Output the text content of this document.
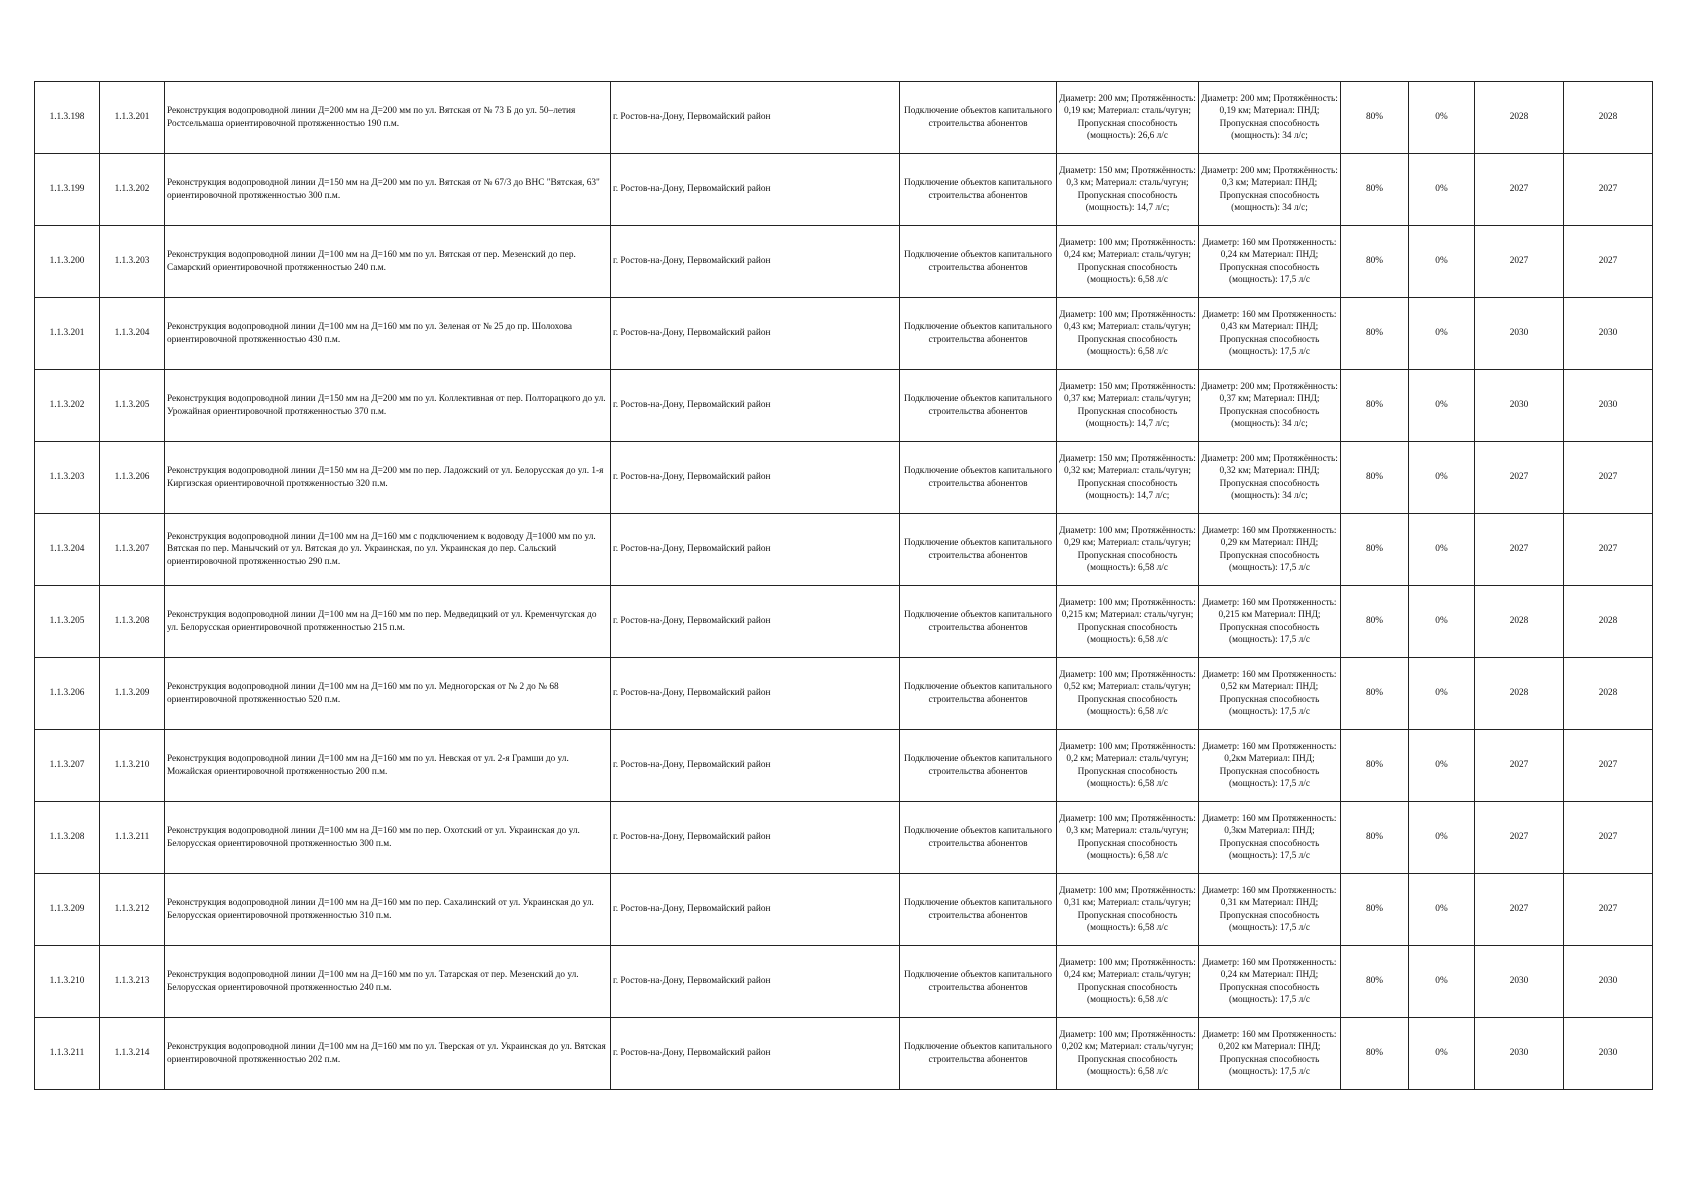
1.1.3.198	1.1.3.201	Реконструкция водопроводной линии Д=200 мм на Д=200 мм по ул. Вятская от № 73 Б до ул. 50–летия Ростсельмаша ориентировочной протяженностью 190 п.м.	г. Ростов-на-Дону, Первомайский район	Подключение объектов капитального строительства абонентов	Диаметр: 200 мм; Протяжённость: 0,19 км; Материал: сталь/чугун; Пропускная способность (мощность): 26,6 л/с	Диаметр: 200 мм; Протяжённость: 0,19 км; Материал: ПНД; Пропускная способность (мощность): 34 л/с;	80%	0%	2028	2028
1.1.3.199	1.1.3.202	Реконструкция водопроводной линии Д=150 мм на Д=200 мм по ул. Вятская от № 67/3 до ВНС "Вятская, 63" ориентировочной протяженностью 300 п.м.	г. Ростов-на-Дону, Первомайский район	Подключение объектов капитального строительства абонентов	Диаметр: 150 мм; Протяжённость: 0,3 км; Материал: сталь/чугун; Пропускная способность (мощность): 14,7 л/с;	Диаметр: 200 мм; Протяжённость: 0,3 км; Материал: ПНД; Пропускная способность (мощность): 34 л/с;	80%	0%	2027	2027
1.1.3.200	1.1.3.203	Реконструкция водопроводной линии Д=100 мм на Д=160 мм по ул. Вятская от пер. Мезенский до пер. Самарский ориентировочной протяженностью 240 п.м.	г. Ростов-на-Дону, Первомайский район	Подключение объектов капитального строительства абонентов	Диаметр: 100 мм; Протяжённость: 0,24 км; Материал: сталь/чугун; Пропускная способность (мощность): 6,58 л/с	Диаметр: 160 мм Протяженность: 0,24 км Материал: ПНД; Пропускная способность (мощность): 17,5 л/с	80%	0%	2027	2027
1.1.3.201	1.1.3.204	Реконструкция водопроводной линии Д=100 мм на Д=160 мм по ул. Зеленая от № 25 до пр. Шолохова ориентировочной протяженностью 430 п.м.	г. Ростов-на-Дону, Первомайский район	Подключение объектов капитального строительства абонентов	Диаметр: 100 мм; Протяжённость: 0,43 км; Материал: сталь/чугун; Пропускная способность (мощность): 6,58 л/с	Диаметр: 160 мм Протяженность: 0,43 км Материал: ПНД; Пропускная способность (мощность): 17,5 л/с	80%	0%	2030	2030
1.1.3.202	1.1.3.205	Реконструкция водопроводной линии Д=150 мм на Д=200 мм по ул. Коллективная от пер. Полторацкого до ул. Урожайная ориентировочной протяженностью 370 п.м.	г. Ростов-на-Дону, Первомайский район	Подключение объектов капитального строительства абонентов	Диаметр: 150 мм; Протяжённость: 0,37 км; Материал: сталь/чугун; Пропускная способность (мощность): 14,7 л/с;	Диаметр: 200 мм; Протяжённость: 0,37 км; Материал: ПНД; Пропускная способность (мощность): 34 л/с;	80%	0%	2030	2030
1.1.3.203	1.1.3.206	Реконструкция водопроводной линии Д=150 мм на Д=200 мм по пер. Ладожский от ул. Белорусская до ул. 1-я Киргизская ориентировочной протяженностью 320 п.м.	г. Ростов-на-Дону, Первомайский район	Подключение объектов капитального строительства абонентов	Диаметр: 150 мм; Протяжённость: 0,32 км; Материал: сталь/чугун; Пропускная способность (мощность): 14,7 л/с;	Диаметр: 200 мм; Протяжённость: 0,32 км; Материал: ПНД; Пропускная способность (мощность): 34 л/с;	80%	0%	2027	2027
1.1.3.204	1.1.3.207	Реконструкция водопроводной линии Д=100 мм на Д=160 мм с подключением к водоводу Д=1000 мм по ул. Вятская по пер. Манычский от ул. Вятская до ул. Украинская, по ул. Украинская до пер. Сальский ориентировочной протяженностью 290 п.м.	г. Ростов-на-Дону, Первомайский район	Подключение объектов капитального строительства абонентов	Диаметр: 100 мм; Протяжённость: 0,29 км; Материал: сталь/чугун; Пропускная способность (мощность): 6,58 л/с	Диаметр: 160 мм Протяженность: 0,29 км Материал: ПНД; Пропускная способность (мощность): 17,5 л/с	80%	0%	2027	2027
1.1.3.205	1.1.3.208	Реконструкция водопроводной линии Д=100 мм на Д=160 мм по пер. Медведицкий от ул. Кременчугская до ул. Белорусская ориентировочной протяженностью 215 п.м.	г. Ростов-на-Дону, Первомайский район	Подключение объектов капитального строительства абонентов	Диаметр: 100 мм; Протяжённость: 0,215 км; Материал: сталь/чугун; Пропускная способность (мощность): 6,58 л/с	Диаметр: 160 мм Протяженность: 0,215 км Материал: ПНД; Пропускная способность (мощность): 17,5 л/с	80%	0%	2028	2028
1.1.3.206	1.1.3.209	Реконструкция водопроводной линии Д=100 мм на Д=160 мм по ул. Медногорская от № 2 до № 68 ориентировочной протяженностью 520 п.м.	г. Ростов-на-Дону, Первомайский район	Подключение объектов капитального строительства абонентов	Диаметр: 100 мм; Протяжённость: 0,52 км; Материал: сталь/чугун; Пропускная способность (мощность): 6,58 л/с	Диаметр: 160 мм Протяженность: 0,52 км Материал: ПНД; Пропускная способность (мощность): 17,5 л/с	80%	0%	2028	2028
1.1.3.207	1.1.3.210	Реконструкция водопроводной линии Д=100 мм на Д=160 мм по ул. Невская от ул. 2-я Грамши до ул. Можайская ориентировочной протяженностью 200 п.м.	г. Ростов-на-Дону, Первомайский район	Подключение объектов капитального строительства абонентов	Диаметр: 100 мм; Протяжённость: 0,2 км; Материал: сталь/чугун; Пропускная способность (мощность): 6,58 л/с	Диаметр: 160 мм Протяженность: 0,2км Материал: ПНД; Пропускная способность (мощность): 17,5 л/с	80%	0%	2027	2027
1.1.3.208	1.1.3.211	Реконструкция водопроводной линии Д=100 мм на Д=160 мм по пер. Охотский от ул. Украинская до ул. Белорусская ориентировочной протяженностью 300 п.м.	г. Ростов-на-Дону, Первомайский район	Подключение объектов капитального строительства абонентов	Диаметр: 100 мм; Протяжённость: 0,3 км; Материал: сталь/чугун; Пропускная способность (мощность): 6,58 л/с	Диаметр: 160 мм Протяженность: 0,3км Материал: ПНД; Пропускная способность (мощность): 17,5 л/с	80%	0%	2027	2027
1.1.3.209	1.1.3.212	Реконструкция водопроводной линии Д=100 мм на Д=160 мм по пер. Сахалинский от ул. Украинская до ул. Белорусская ориентировочной протяженностью 310 п.м.	г. Ростов-на-Дону, Первомайский район	Подключение объектов капитального строительства абонентов	Диаметр: 100 мм; Протяжённость: 0,31 км; Материал: сталь/чугун; Пропускная способность (мощность): 6,58 л/с	Диаметр: 160 мм Протяженность: 0,31 км Материал: ПНД; Пропускная способность (мощность): 17,5 л/с	80%	0%	2027	2027
1.1.3.210	1.1.3.213	Реконструкция водопроводной линии Д=100 мм на Д=160 мм по ул. Татарская от пер. Мезенский до ул. Белорусская ориентировочной протяженностью 240 п.м.	г. Ростов-на-Дону, Первомайский район	Подключение объектов капитального строительства абонентов	Диаметр: 100 мм; Протяжённость: 0,24 км; Материал: сталь/чугун; Пропускная способность (мощность): 6,58 л/с	Диаметр: 160 мм Протяженность: 0,24 км Материал: ПНД; Пропускная способность (мощность): 17,5 л/с	80%	0%	2030	2030
1.1.3.211	1.1.3.214	Реконструкция водопроводной линии Д=100 мм на Д=160 мм по ул. Тверская от ул. Украинская до ул. Вятская ориентировочной протяженностью 202 п.м.	г. Ростов-на-Дону, Первомайский район	Подключение объектов капитального строительства абонентов	Диаметр: 100 мм; Протяжённость: 0,202 км; Материал: сталь/чугун; Пропускная способность (мощность): 6,58 л/с	Диаметр: 160 мм Протяженность: 0,202 км Материал: ПНД; Пропускная способность (мощность): 17,5 л/с	80%	0%	2030	2030
